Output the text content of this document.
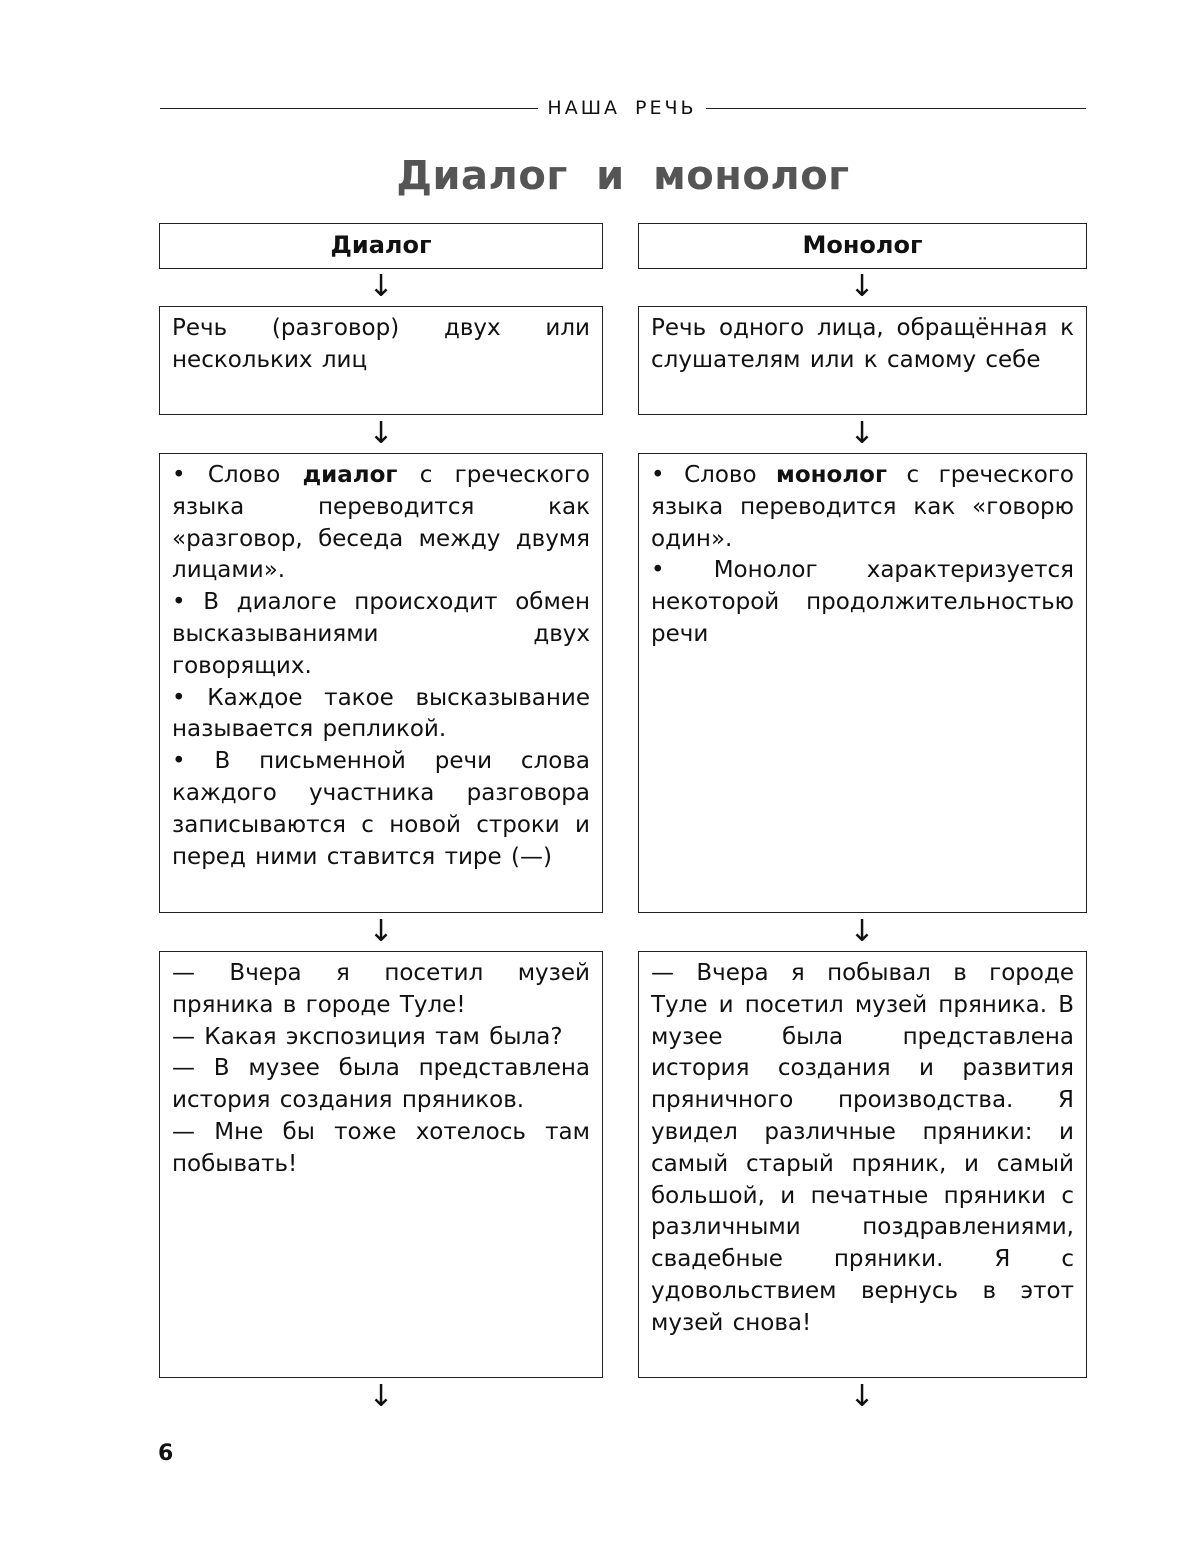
НАША РЕЧЬ
Диалог и монолог
Диалог
↓

Речь (разговор) двух или нескольких лиц

↓

• Слово диалог с греческого языка переводится как «разговор, беседа между двумя лицами».

• В диалоге происходит обмен высказываниями двух говорящих.

• Каждое такое высказывание называется репликой.

• В письменной речи слова каждого участника разговора записываются с новой строки и перед ними ставится тире (—)

↓

— Вчера я посетил музей пряника в городе Туле!

— Какая экспозиция там была?

— В музее была представлена история создания пряников.

— Мне бы тоже хотелось там побывать!

↓
Монолог
↓

Речь одного лица, обращённая к слушателям или к самому себе

↓

• Слово монолог с греческого языка переводится как «говорю один».

• Монолог характеризуется некоторой продолжительностью речи

↓

— Вчера я побывал в городе Туле и посетил музей пряника. В музее была представлена история создания и развития пряничного производства. Я увидел различные пряники: и самый старый пряник, и самый большой, и печатные пряники с различными поздравлениями, свадебные пряники. Я с удовольствием вернусь в этот музей снова!

↓
6
